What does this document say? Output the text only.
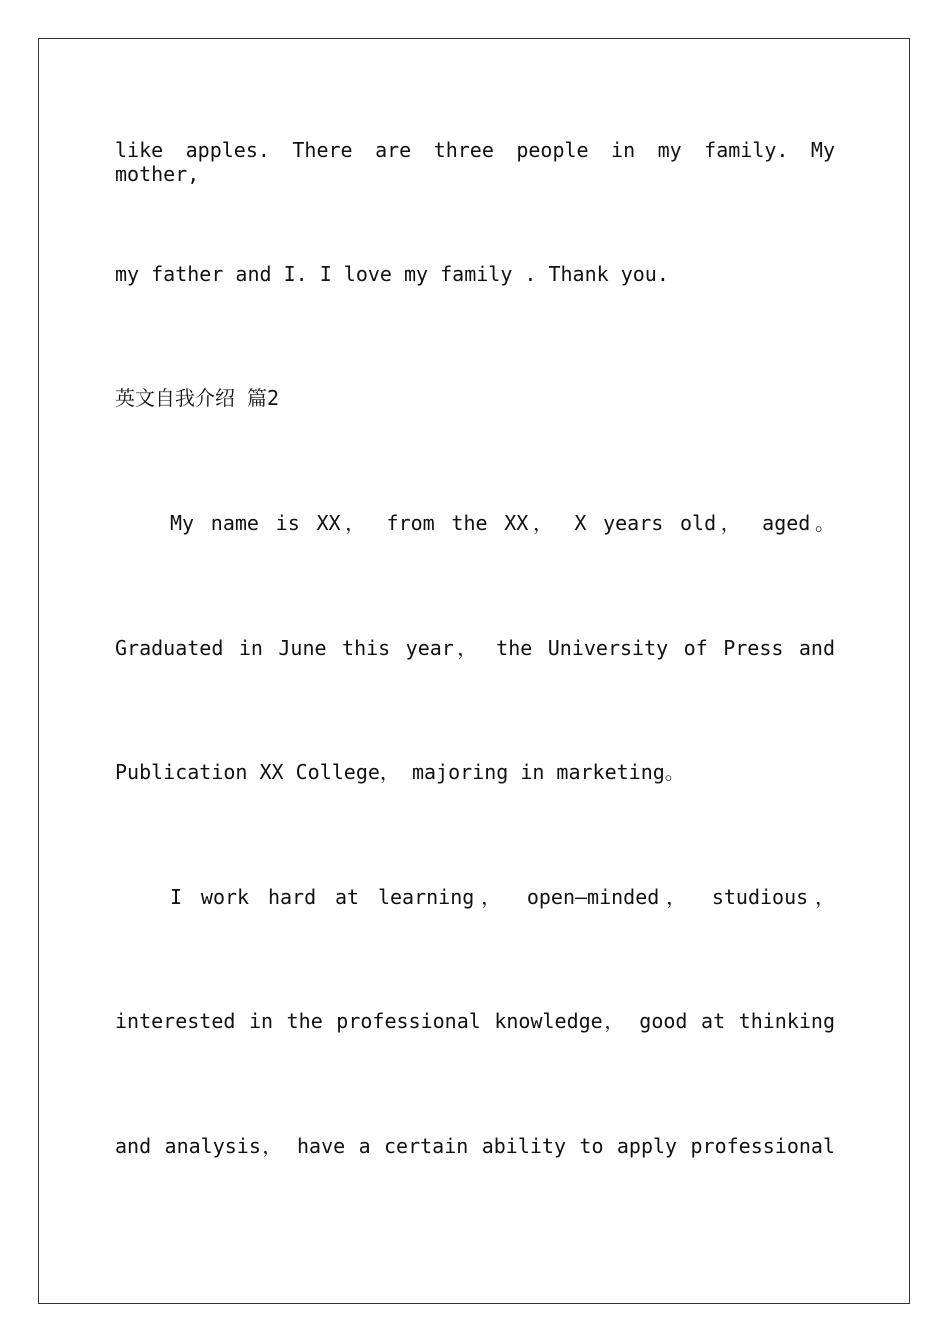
like apples. There are three people in my family. My mother,
my father and I. I love my family . Thank you.
英文自我介绍 篇2
My name is XX， from the XX， X years old， aged。
Graduated in June this year， the University of Press and
Publication XX College， majoring in marketing。
I work hard at learning， open—minded， studious，
interested in the professional knowledge， good at thinking
and analysis， have a certain ability to apply professional
